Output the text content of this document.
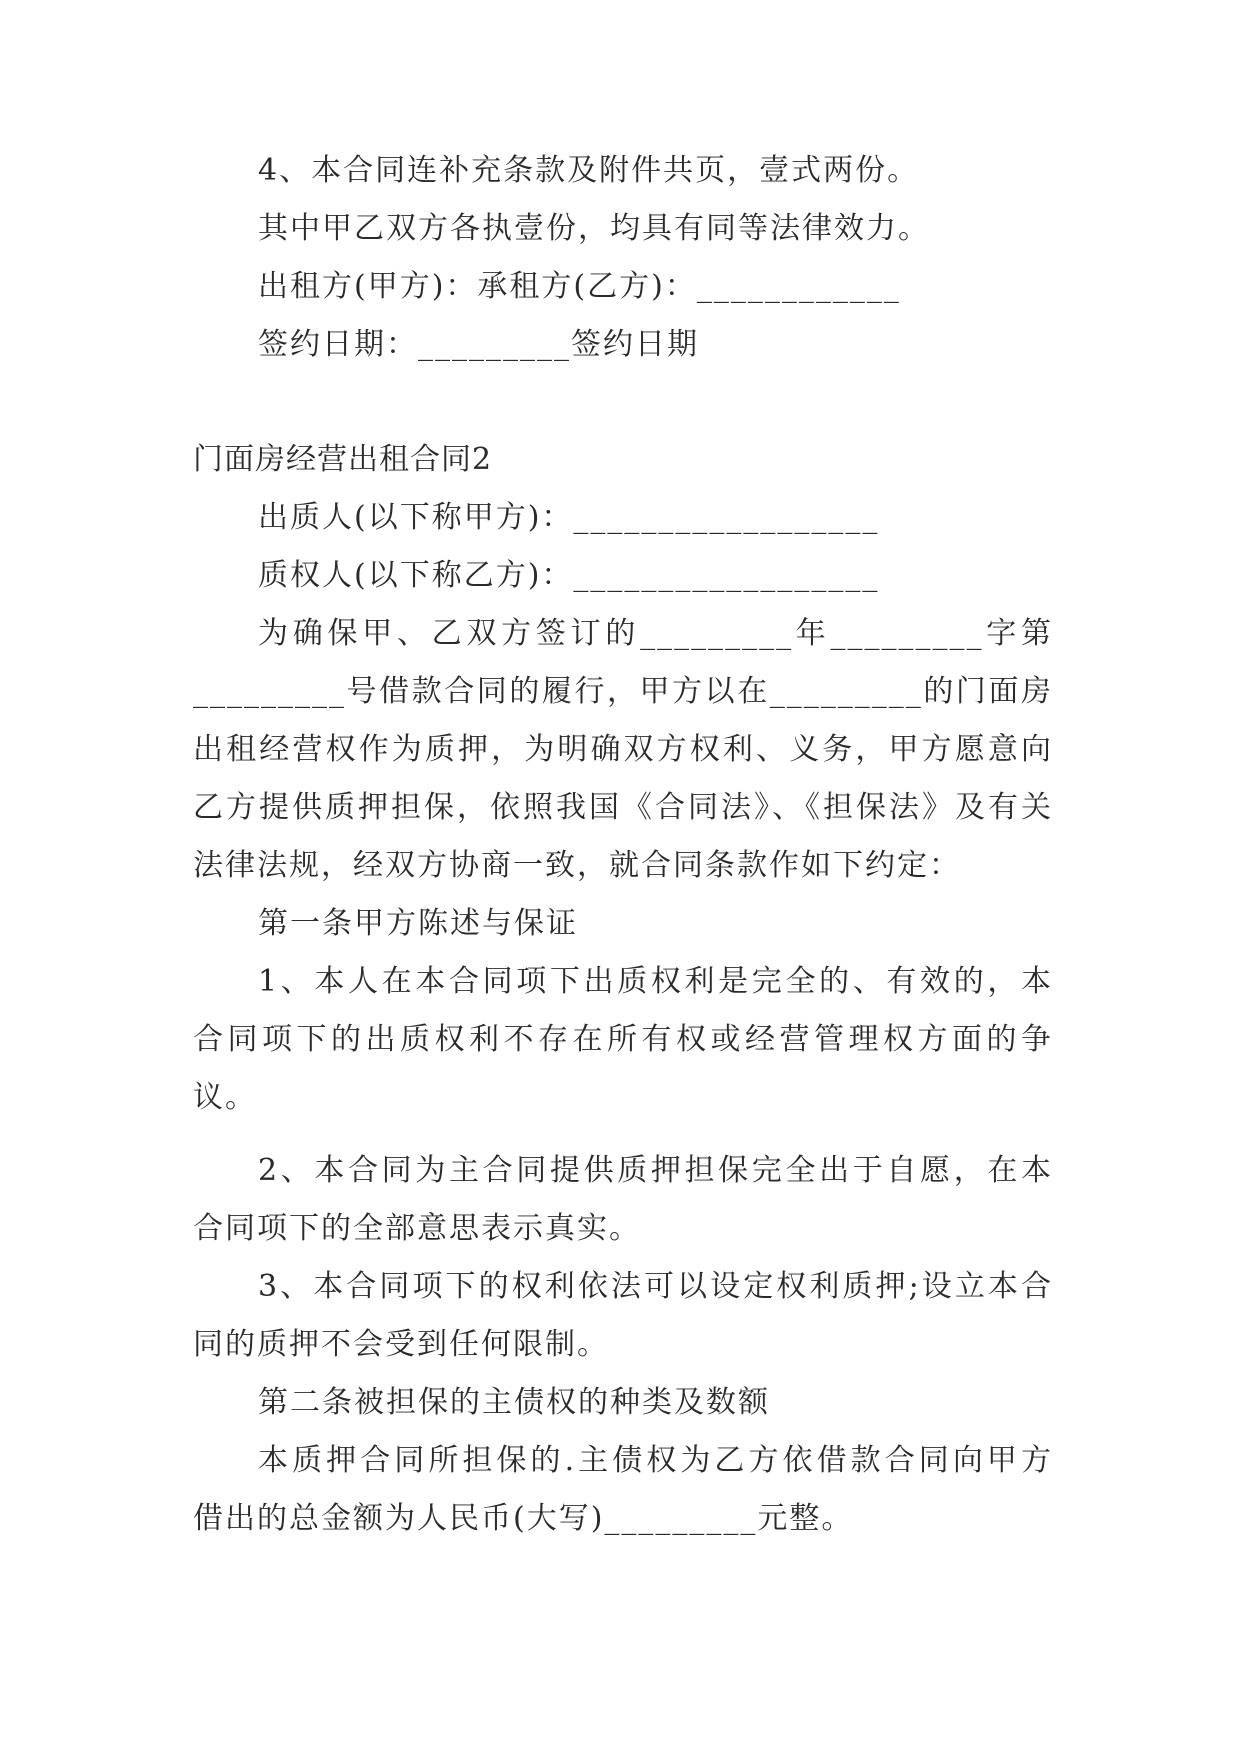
4、本合同连补充条款及附件共页，壹式两份。
其中甲乙双方各执壹份，均具有同等法律效力。
出租方(甲方)：承租方(乙方)：____________
签约日期：_________签约日期
门面房经营出租合同2
出质人(以下称甲方)：__________________
质权人(以下称乙方)：__________________
为确保甲、乙双方签订的_________年_________字第
_________号借款合同的履行，甲方以在_________的门面房
出租经营权作为质押，为明确双方权利、义务，甲方愿意向
乙方提供质押担保，依照我国《合同法》、《担保法》及有关
法律法规，经双方协商一致，就合同条款作如下约定：
第一条甲方陈述与保证
1、本人在本合同项下出质权利是完全的、有效的，本
合同项下的出质权利不存在所有权或经营管理权方面的争
议。
2、本合同为主合同提供质押担保完全出于自愿，在本
合同项下的全部意思表示真实。
3、本合同项下的权利依法可以设定权利质押;设立本合
同的质押不会受到任何限制。
第二条被担保的主债权的种类及数额
本质押合同所担保的.主债权为乙方依借款合同向甲方
借出的总金额为人民币(大写)_________元整。
